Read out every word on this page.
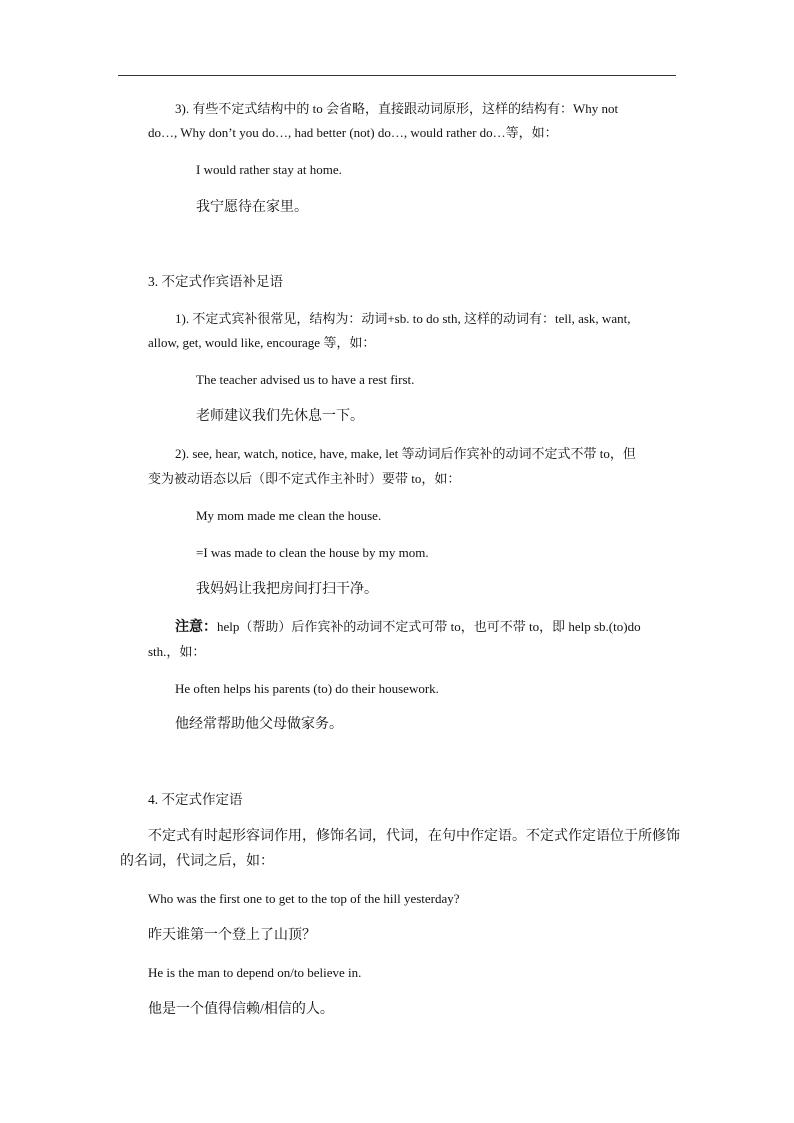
3). 有些不定式结构中的 to 会省略，直接跟动词原形，这样的结构有：Why not
do…, Why don’t you do…, had better (not) do…, would rather do…等，如：
I would rather stay at home.
我宁愿待在家里。
3. 不定式作宾语补足语
1). 不定式宾补很常见，结构为：动词+sb. to do sth, 这样的动词有：tell, ask, want,
allow, get, would like, encourage 等，如：
The teacher advised us to have a rest first.
老师建议我们先休息一下。
2). see, hear, watch, notice, have, make, let 等动词后作宾补的动词不定式不带 to，但
变为被动语态以后（即不定式作主补时）要带 to，如：
My mom made me clean the house.
=I was made to clean the house by my mom.
我妈妈让我把房间打扫干净。
注意：help（帮助）后作宾补的动词不定式可带 to，也可不带 to，即 help sb.(to)do
sth.，如：
He often helps his parents (to) do their housework.
他经常帮助他父母做家务。
4. 不定式作定语
不定式有时起形容词作用，修饰名词，代词，在句中作定语。不定式作定语位于所修饰
的名词，代词之后，如：
Who was the first one to get to the top of the hill yesterday?
昨天谁第一个登上了山顶？
He is the man to depend on/to believe in.
他是一个值得信赖/相信的人。
